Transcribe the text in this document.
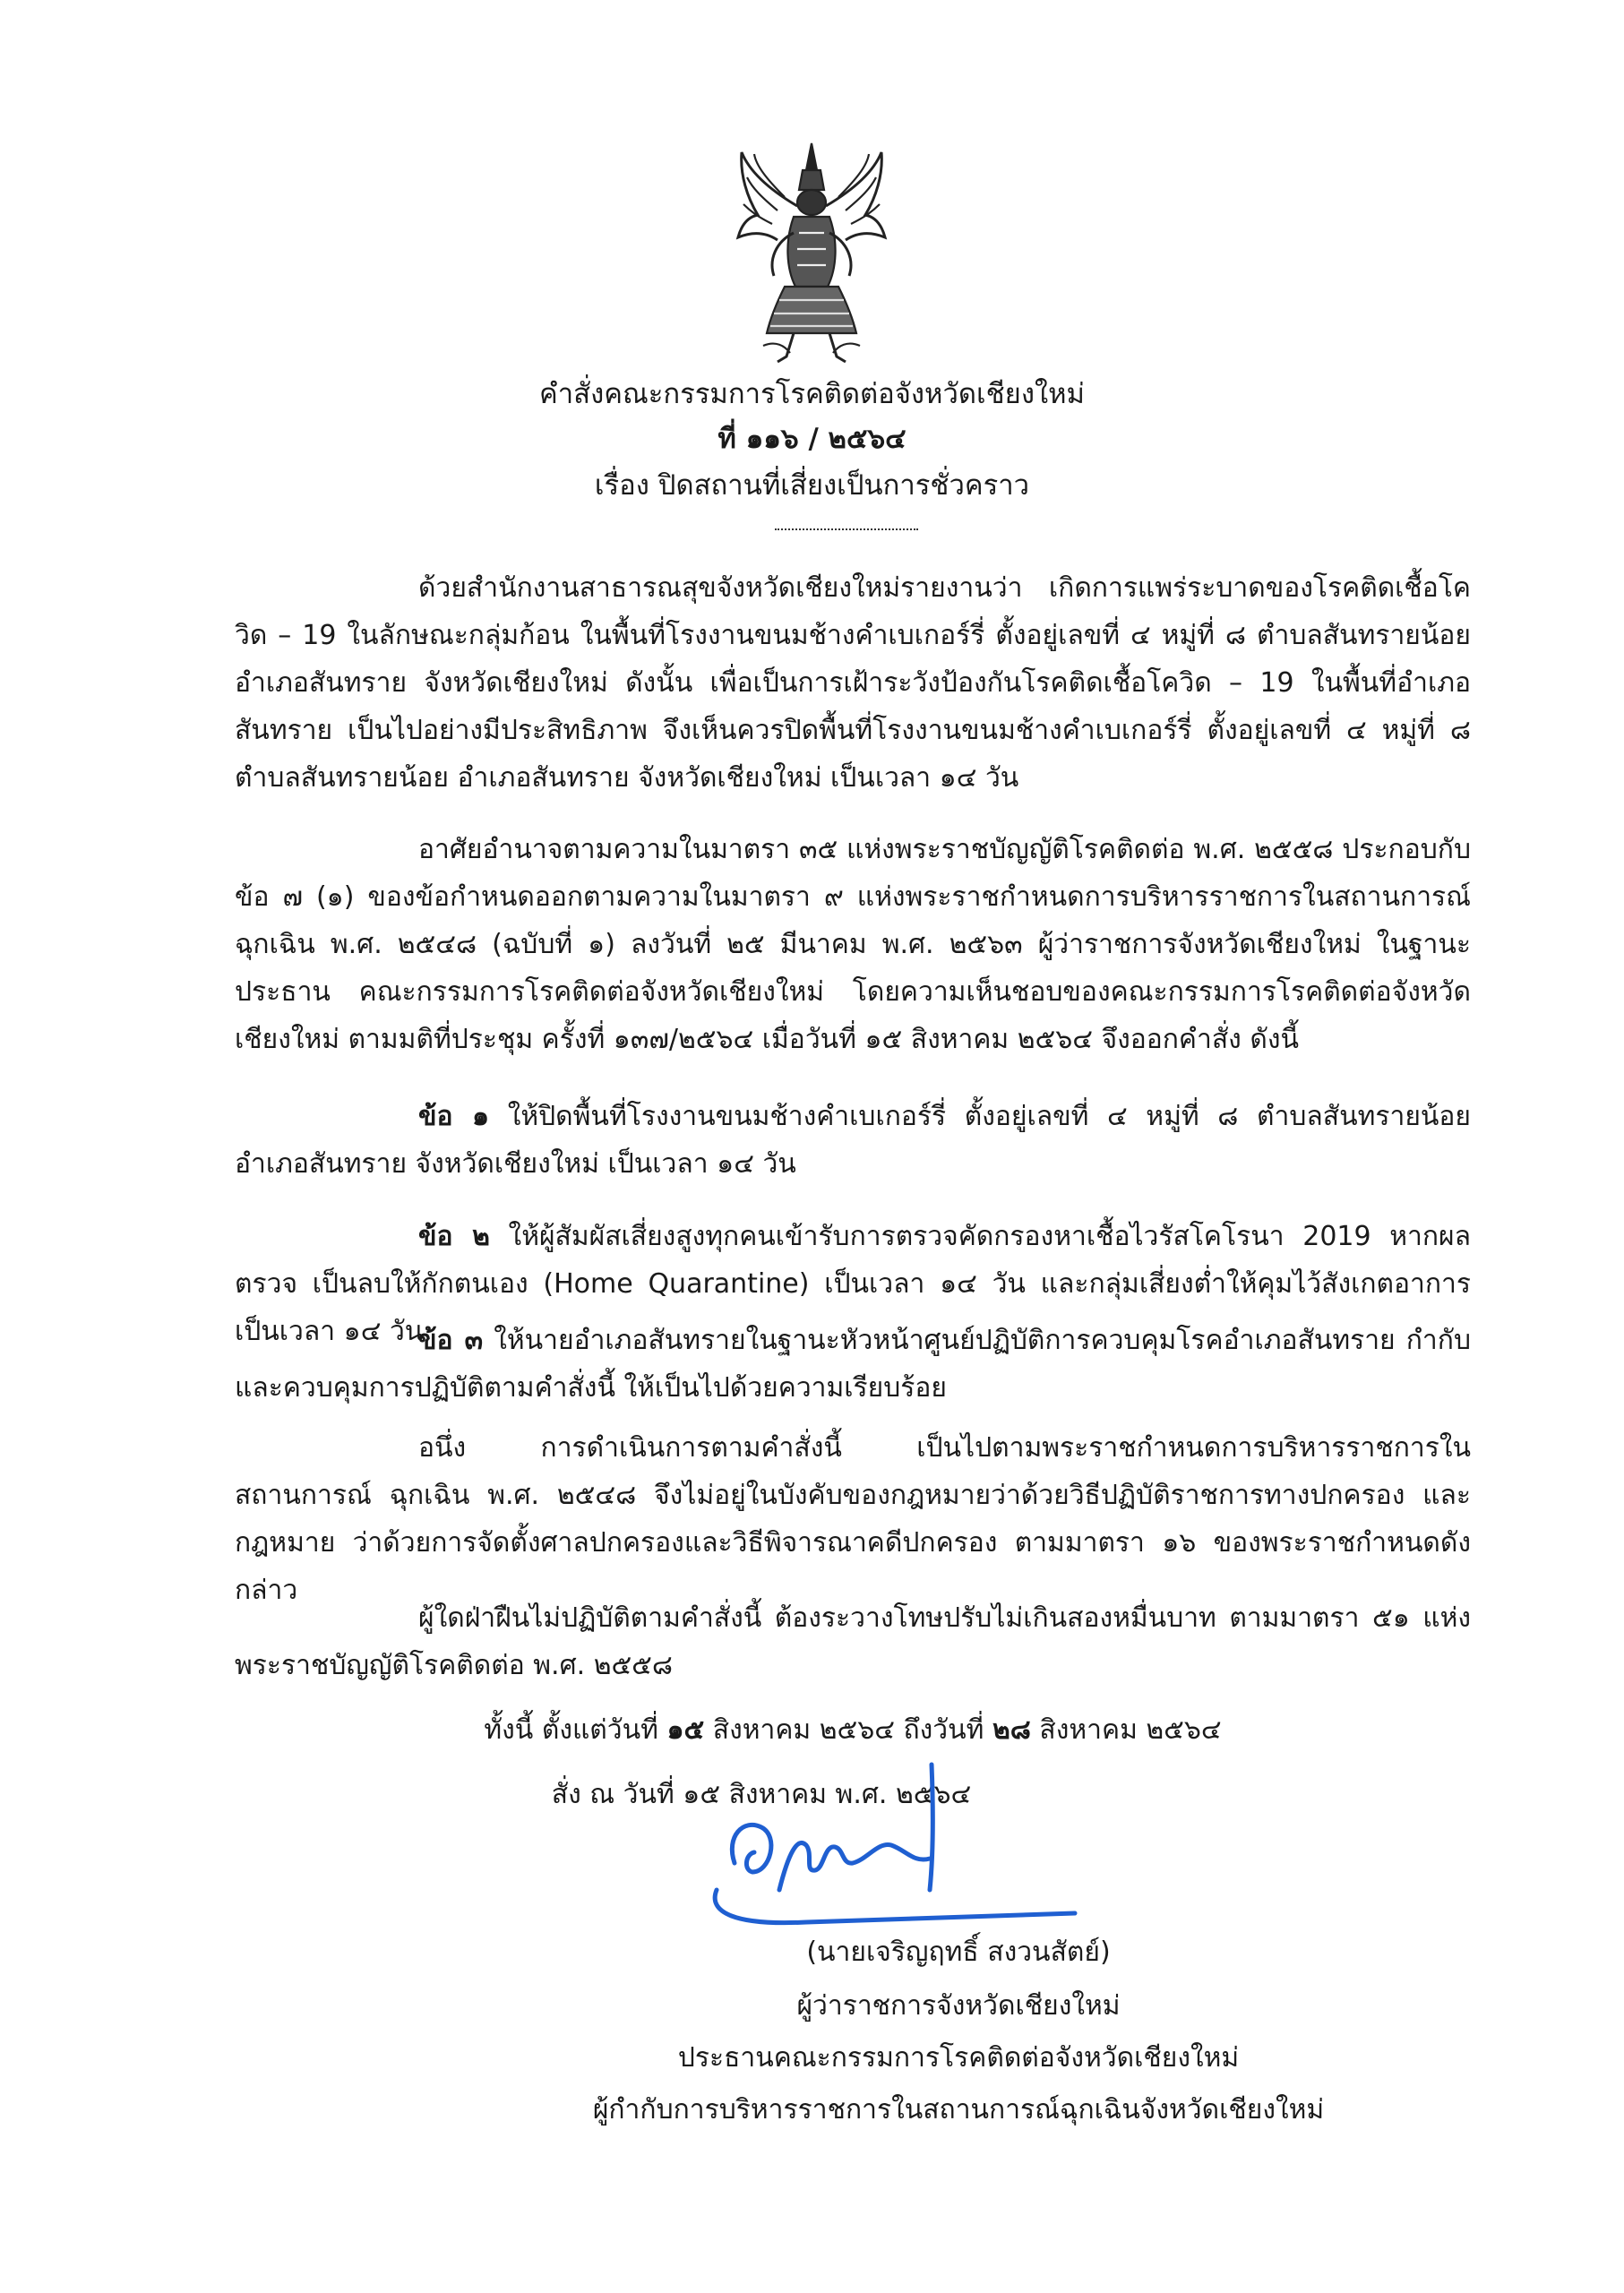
คำสั่งคณะกรรมการโรคติดต่อจังหวัดเชียงใหม่
ที่ ๑๑๖ / ๒๕๖๔
เรื่อง ปิดสถานที่เสี่ยงเป็นการชั่วคราว

ด้วยสำนักงานสาธารณสุขจังหวัดเชียงใหม่รายงานว่า เกิดการแพร่ระบาดของโรคติดเชื้อโควิด – 19 ในลักษณะกลุ่มก้อน ในพื้นที่โรงงานขนมช้างคำเบเกอร์รี่ ตั้งอยู่เลขที่ ๔ หมู่ที่ ๘ ตำบลสันทรายน้อย อำเภอสันทราย จังหวัดเชียงใหม่ ดังนั้น เพื่อเป็นการเฝ้าระวังป้องกันโรคติดเชื้อโควิด – 19 ในพื้นที่อำเภอสันทราย เป็นไปอย่างมีประสิทธิภาพ จึงเห็นควรปิดพื้นที่โรงงานขนมช้างคำเบเกอร์รี่ ตั้งอยู่เลขที่ ๔ หมู่ที่ ๘ ตำบลสันทรายน้อย อำเภอสันทราย จังหวัดเชียงใหม่ เป็นเวลา ๑๔ วัน

อาศัยอำนาจตามความในมาตรา ๓๕ แห่งพระราชบัญญัติโรคติดต่อ พ.ศ. ๒๕๕๘ ประกอบกับ ข้อ ๗ (๑) ของข้อกำหนดออกตามความในมาตรา ๙ แห่งพระราชกำหนดการบริหารราชการในสถานการณ์ ฉุกเฉิน พ.ศ. ๒๕๔๘ (ฉบับที่ ๑) ลงวันที่ ๒๕ มีนาคม พ.ศ. ๒๕๖๓ ผู้ว่าราชการจังหวัดเชียงใหม่ ในฐานะประธาน คณะกรรมการโรคติดต่อจังหวัดเชียงใหม่ โดยความเห็นชอบของคณะกรรมการโรคติดต่อจังหวัดเชียงใหม่ ตามมติที่ประชุม ครั้งที่ ๑๓๗/๒๕๖๔ เมื่อวันที่ ๑๕ สิงหาคม ๒๕๖๔ จึงออกคำสั่ง ดังนี้

ข้อ ๑ ให้ปิดพื้นที่โรงงานขนมช้างคำเบเกอร์รี่ ตั้งอยู่เลขที่ ๔ หมู่ที่ ๘ ตำบลสันทรายน้อย อำเภอสันทราย จังหวัดเชียงใหม่ เป็นเวลา ๑๔ วัน

ข้อ ๒ ให้ผู้สัมผัสเสี่ยงสูงทุกคนเข้ารับการตรวจคัดกรองหาเชื้อไวรัสโคโรนา 2019 หากผลตรวจ เป็นลบให้กักตนเอง (Home Quarantine) เป็นเวลา ๑๔ วัน และกลุ่มเสี่ยงต่ำให้คุมไว้สังเกตอาการ เป็นเวลา ๑๔ วัน

ข้อ ๓ ให้นายอำเภอสันทรายในฐานะหัวหน้าศูนย์ปฏิบัติการควบคุมโรคอำเภอสันทราย กำกับและควบคุมการปฏิบัติตามคำสั่งนี้ ให้เป็นไปด้วยความเรียบร้อย

อนึ่ง การดำเนินการตามคำสั่งนี้ เป็นไปตามพระราชกำหนดการบริหารราชการในสถานการณ์ ฉุกเฉิน พ.ศ. ๒๕๔๘ จึงไม่อยู่ในบังคับของกฎหมายว่าด้วยวิธีปฏิบัติราชการทางปกครอง และกฎหมาย ว่าด้วยการจัดตั้งศาลปกครองและวิธีพิจารณาคดีปกครอง ตามมาตรา ๑๖ ของพระราชกำหนดดังกล่าว

ผู้ใดฝ่าฝืนไม่ปฏิบัติตามคำสั่งนี้ ต้องระวางโทษปรับไม่เกินสองหมื่นบาท ตามมาตรา ๕๑ แห่งพระราชบัญญัติโรคติดต่อ พ.ศ. ๒๕๕๘

ทั้งนี้ ตั้งแต่วันที่ ๑๕ สิงหาคม ๒๕๖๔ ถึงวันที่ ๒๘ สิงหาคม ๒๕๖๔
สั่ง ณ วันที่ ๑๕ สิงหาคม พ.ศ. ๒๕๖๔
(นายเจริญฤทธิ์ สงวนสัตย์)
ผู้ว่าราชการจังหวัดเชียงใหม่
ประธานคณะกรรมการโรคติดต่อจังหวัดเชียงใหม่
ผู้กำกับการบริหารราชการในสถานการณ์ฉุกเฉินจังหวัดเชียงใหม่
